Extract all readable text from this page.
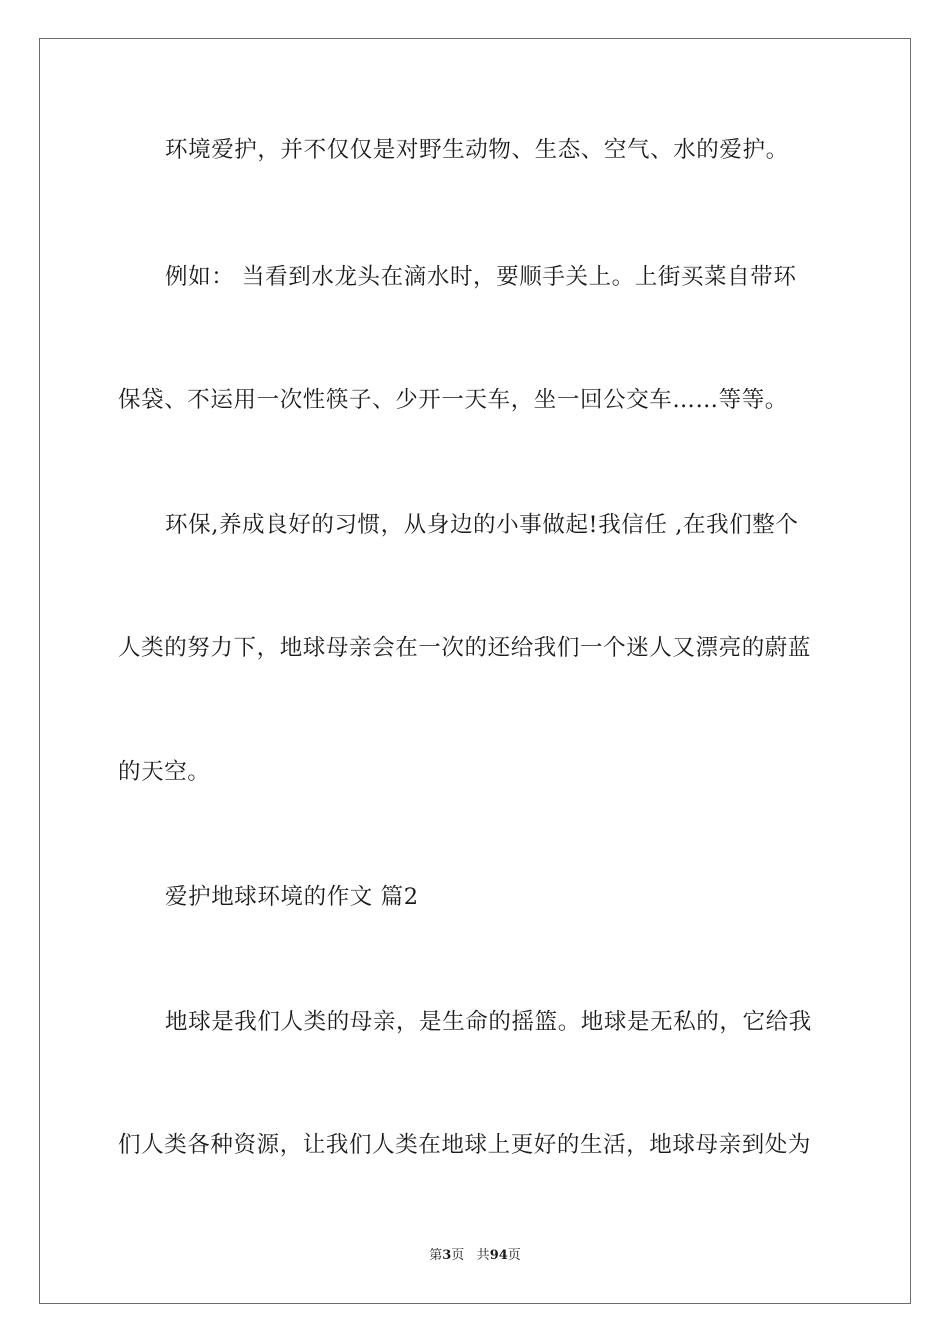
环境爱护，并不仅仅是对野生动物、生态、空气、水的爱护。
例如： 当看到水龙头在滴水时，要顺手关上。上街买菜自带环
保袋、不运用一次性筷子、少开一天车，坐一回公交车……等等。
环保,养成良好的习惯，从身边的小事做起!我信任 ,在我们整个
人类的努力下，地球母亲会在一次的还给我们一个迷人又漂亮的蔚蓝
的天空。
爱护地球环境的作文 篇2
地球是我们人类的母亲，是生命的摇篮。地球是无私的，它给我
们人类各种资源，让我们人类在地球上更好的生活，地球母亲到处为
第3页 共94页
